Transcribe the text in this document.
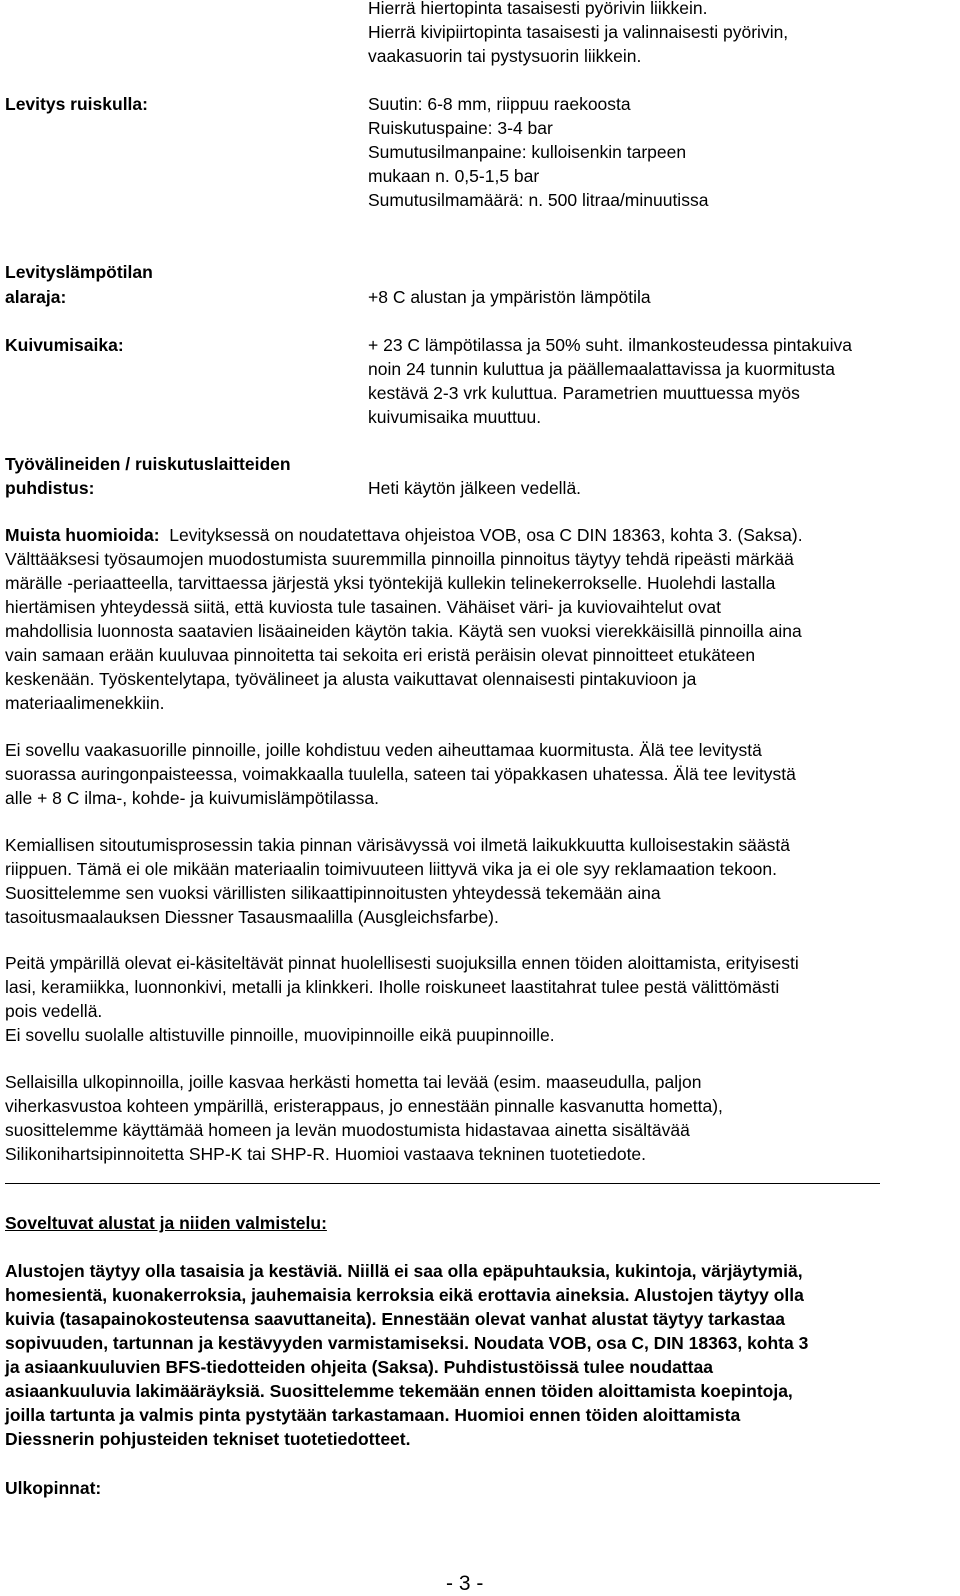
Hierrä hiertopinta tasaisesti pyörivin liikkein.
Hierrä kivipiirtopinta tasaisesti ja valinnaisesti pyörivin,
vaakasuorin tai pystysuorin liikkein.
Levitys ruiskulla:	Suutin: 6-8 mm, riippuu raekoosta
Ruiskutuspaine: 3-4 bar
Sumutusilmanpaine: kulloisenkin tarpeen
mukaan n. 0,5-1,5 bar
Sumutusilmamäärä: n. 500 litraa/minuutissa
Levityslämpötilan
alaraja:	+8 C alustan ja ympäristön lämpötila
Kuivumisaika:	+ 23 C lämpötilassa ja 50% suht. ilmankosteudessa pintakuiva
noin 24 tunnin kuluttua ja päällemaalattavissa ja kuormitusta
kestävä 2-3 vrk kuluttua. Parametrien muuttuessa myös
kuivumisaika muuttuu.
Työvälineiden / ruiskutuslaitteiden
puhdistus:	Heti käytön jälkeen vedellä.
Muista huomioida:  Levityksessä on noudatettava ohjeistoa VOB, osa C DIN 18363, kohta 3. (Saksa).
Välttääksesi työsaumojen muodostumista suuremmilla pinnoilla pinnoitus täytyy tehdä ripeästi märkää
märälle -periaatteella, tarvittaessa järjestä yksi työntekijä kullekin telinekerrokselle. Huolehdi lastalla
hiertämisen yhteydessä siitä, että kuviosta tule tasainen. Vähäiset väri- ja kuviovaihtelut ovat
mahdollisia luonnosta saatavien lisäaineiden käytön takia. Käytä sen vuoksi vierekkäisillä pinnoilla aina
vain samaan erään kuuluvaa pinnoitetta tai sekoita eri eristä peräisin olevat pinnoitteet etukäteen
keskenään. Työskentelytapa, työvälineet ja alusta vaikuttavat olennaisesti pintakuvioon ja
materiaalimenekkiin.
Ei sovellu vaakasuorille pinnoille, joille kohdistuu veden aiheuttamaa kuormitusta. Älä tee levitystä
suorassa auringonpaisteessa, voimakkaalla tuulella, sateen tai yöpakkasen uhatessa. Älä tee levitystä
alle + 8 C ilma-, kohde- ja kuivumislämpötilassa.
Kemiallisen sitoutumisprosessin takia pinnan värisävyssä voi ilmetä laikukkuutta kulloisestakin säästä
riippuen. Tämä ei ole mikään materiaalin toimivuuteen liittyvä vika ja ei ole syy reklamaation tekoon.
Suosittelemme sen vuoksi värillisten silikaattipinnoitusten yhteydessä tekemään aina
tasoitusmaalauksen Diessner Tasausmaalilla (Ausgleichsfarbe).
Peitä ympärillä olevat ei-käsiteltävät pinnat huolellisesti suojuksilla ennen töiden aloittamista, erityisesti
lasi, keramiikka, luonnonkivi, metalli ja klinkkeri. Iholle roiskuneet laastitahrat tulee pestä välittömästi
pois vedellä.
Ei sovellu suolalle altistuville pinnoille, muovipinnoille eikä puupinnoille.
Sellaisilla ulkopinnoilla, joille kasvaa herkästi hometta tai levää (esim. maaseudulla, paljon
viherkasvustoa kohteen ympärillä, eristerappaus, jo ennestään pinnalle kasvanutta hometta),
suosittelemme käyttämää homeen ja levän muodostumista hidastavaa ainetta sisältävää
Silikonihartsipinnoitetta SHP-K tai SHP-R. Huomioi vastaava tekninen tuotetiedote.
Soveltuvat alustat ja niiden valmistelu:
Alustojen täytyy olla tasaisia ja kestäviä. Niillä ei saa olla epäpuhtauksia, kukintoja, värjäytymiä,
homesientä, kuonakerroksia, jauhemaisia kerroksia eikä erottavia aineksia. Alustojen täytyy olla
kuivia (tasapainokosteutensa saavuttaneita). Ennestään olevat vanhat alustat täytyy tarkastaa
sopivuuden, tartunnan ja kestävyyden varmistamiseksi. Noudata VOB, osa C, DIN 18363, kohta 3
ja asiaankuuluvien BFS-tiedotteiden ohjeita (Saksa). Puhdistustöissä tulee noudattaa
asiaankuuluvia lakimääräyksiä. Suosittelemme tekemään ennen töiden aloittamista koepintoja,
joilla tartunta ja valmis pinta pystytään tarkastamaan. Huomioi ennen töiden aloittamista
Diessnerin pohjusteiden tekniset tuotetiedotteet.
Ulkopinnat:
- 3 -
